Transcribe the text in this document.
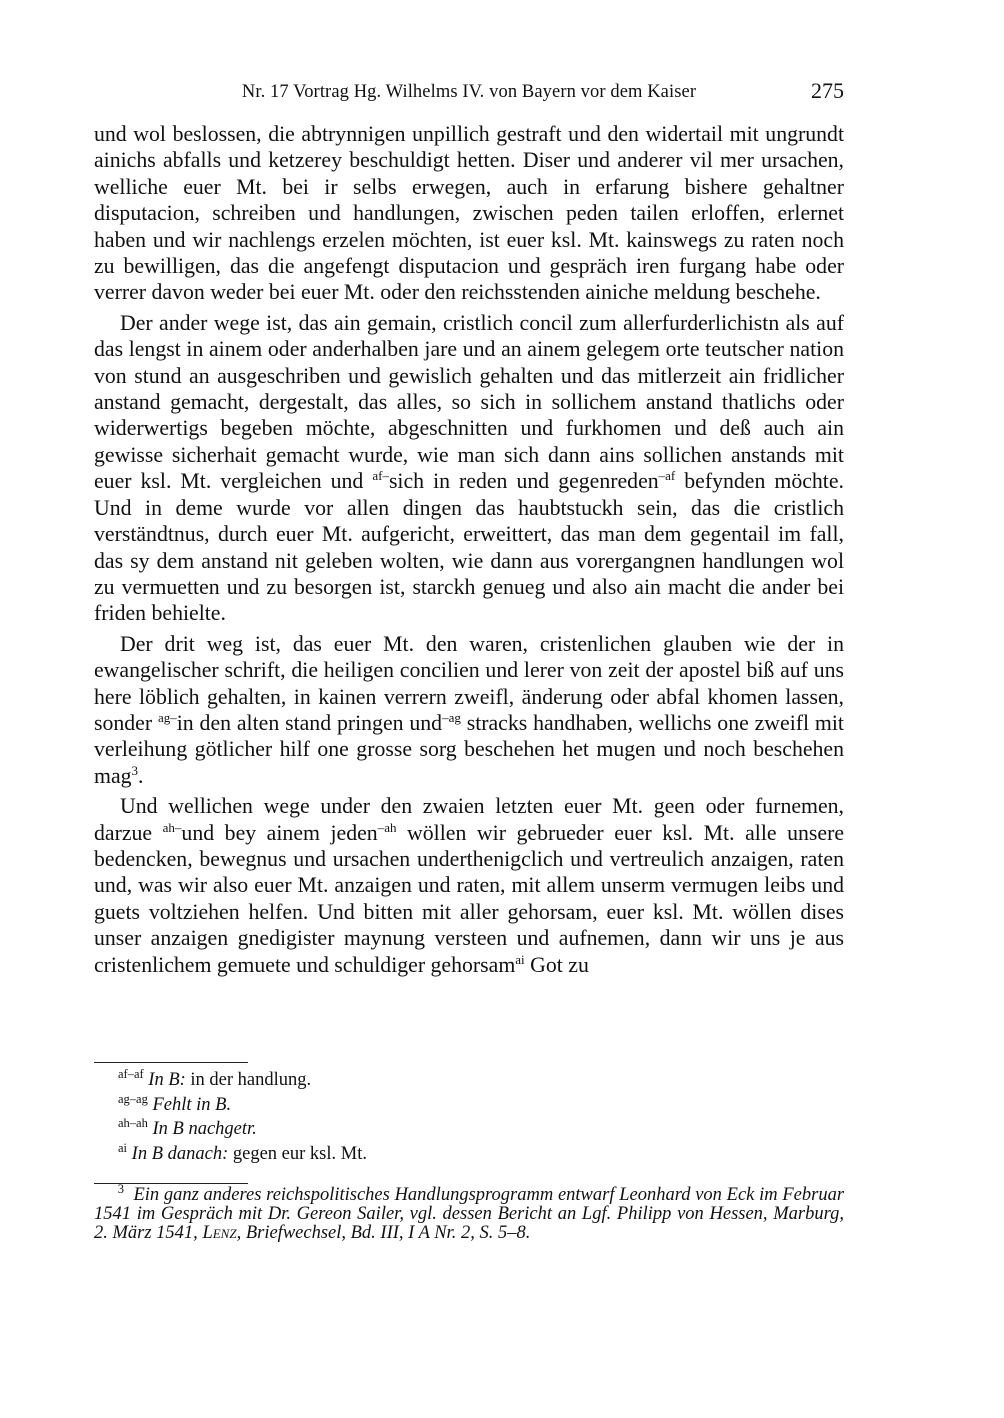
Nr. 17 Vortrag Hg. Wilhelms IV. von Bayern vor dem Kaiser	275

und wol beslossen, die abtrynnigen unpillich gestraft und den widertail mit ungrundt ainichs abfalls und ketzerey beschuldigt hetten. Diser und anderer vil mer ursachen, welliche euer Mt. bei ir selbs erwegen, auch in erfarung bishere gehaltner disputacion, schreiben und handlungen, zwischen peden tailen erloffen, erlernet haben und wir nachlengs erzelen möchten, ist euer ksl. Mt. kainswegs zu raten noch zu bewilligen, das die angefengt disputacion und gespräch iren furgang habe oder verrer davon weder bei euer Mt. oder den reichsstenden ainiche meldung beschehe.

Der ander wege ist, das ain gemain, cristlich concil zum allerfurderlichistn als auf das lengst in ainem oder anderhalben jare und an ainem gelegem orte teutscher nation von stund an ausgeschriben und gewislich gehalten und das mitlerzeit ain fridlicher anstand gemacht, dergestalt, das alles, so sich in sollichem anstand thatlichs oder widerwertigs begeben möchte, abgeschnitten und furkhomen und deß auch ain gewisse sicherhait gemacht wurde, wie man sich dann ains sollichen anstands mit euer ksl. Mt. vergleichen und $^{af-}$sich in reden und gegenreden$^{-af}$ befynden möchte. Und in deme wurde vor allen dingen das haubtstuckh sein, das die cristlich verständtnus, durch euer Mt. aufgericht, erweittert, das man dem gegentail im fall, das sy dem anstand nit geleben wolten, wie dann aus vorergangnen handlungen wol zu vermuetten und zu besorgen ist, starckh genueg und also ain macht die ander bei friden behielte.

Der drit weg ist, das euer Mt. den waren, cristenlichen glauben wie der in ewangelischer schrift, die heiligen concilien und lerer von zeit der apostel biß auf uns here löblich gehalten, in kainen verrern zweifl, änderung oder abfal khomen lassen, sonder $^{ag-}$in den alten stand pringen und$^{-ag}$ stracks handhaben, wellichs one zweifl mit verleihung götlicher hilf one grosse sorg beschehen het mugen und noch beschehen mag$^3$.

Und wellichen wege under den zwaien letzten euer Mt. geen oder furnemen, darzue $^{ah-}$und bey ainem jeden$^{-ah}$ wöllen wir gebrueder euer ksl. Mt. alle unsere bedencken, bewegnus und ursachen underthenigclich und vertreulich anzaigen, raten und, was wir also euer Mt. anzaigen und raten, mit allem unserm vermugen leibs und guets voltziehen helfen. Und bitten mit aller gehorsam, euer ksl. Mt. wöllen dises unser anzaigen gnedigister maynung versteen und aufnemen, dann wir uns je aus cristenlichem gemuete und schuldiger gehorsam$^{ai}$ Got zu

$^{af-af}$ In B: in der handlung.
$^{ag-ag}$ Fehlt in B.
$^{ah-ah}$ In B nachgetr.
$^{ai}$ In B danach: gegen eur ksl. Mt.
$^3$ Ein ganz anderes reichspolitisches Handlungsprogramm entwarf Leonhard von Eck im Februar 1541 im Gespräch mit Dr. Gereon Sailer, vgl. dessen Bericht an Lgf. Philipp von Hessen, Marburg, 2. März 1541, Lenz, Briefwechsel, Bd. III, I A Nr. 2, S. 5–8.
